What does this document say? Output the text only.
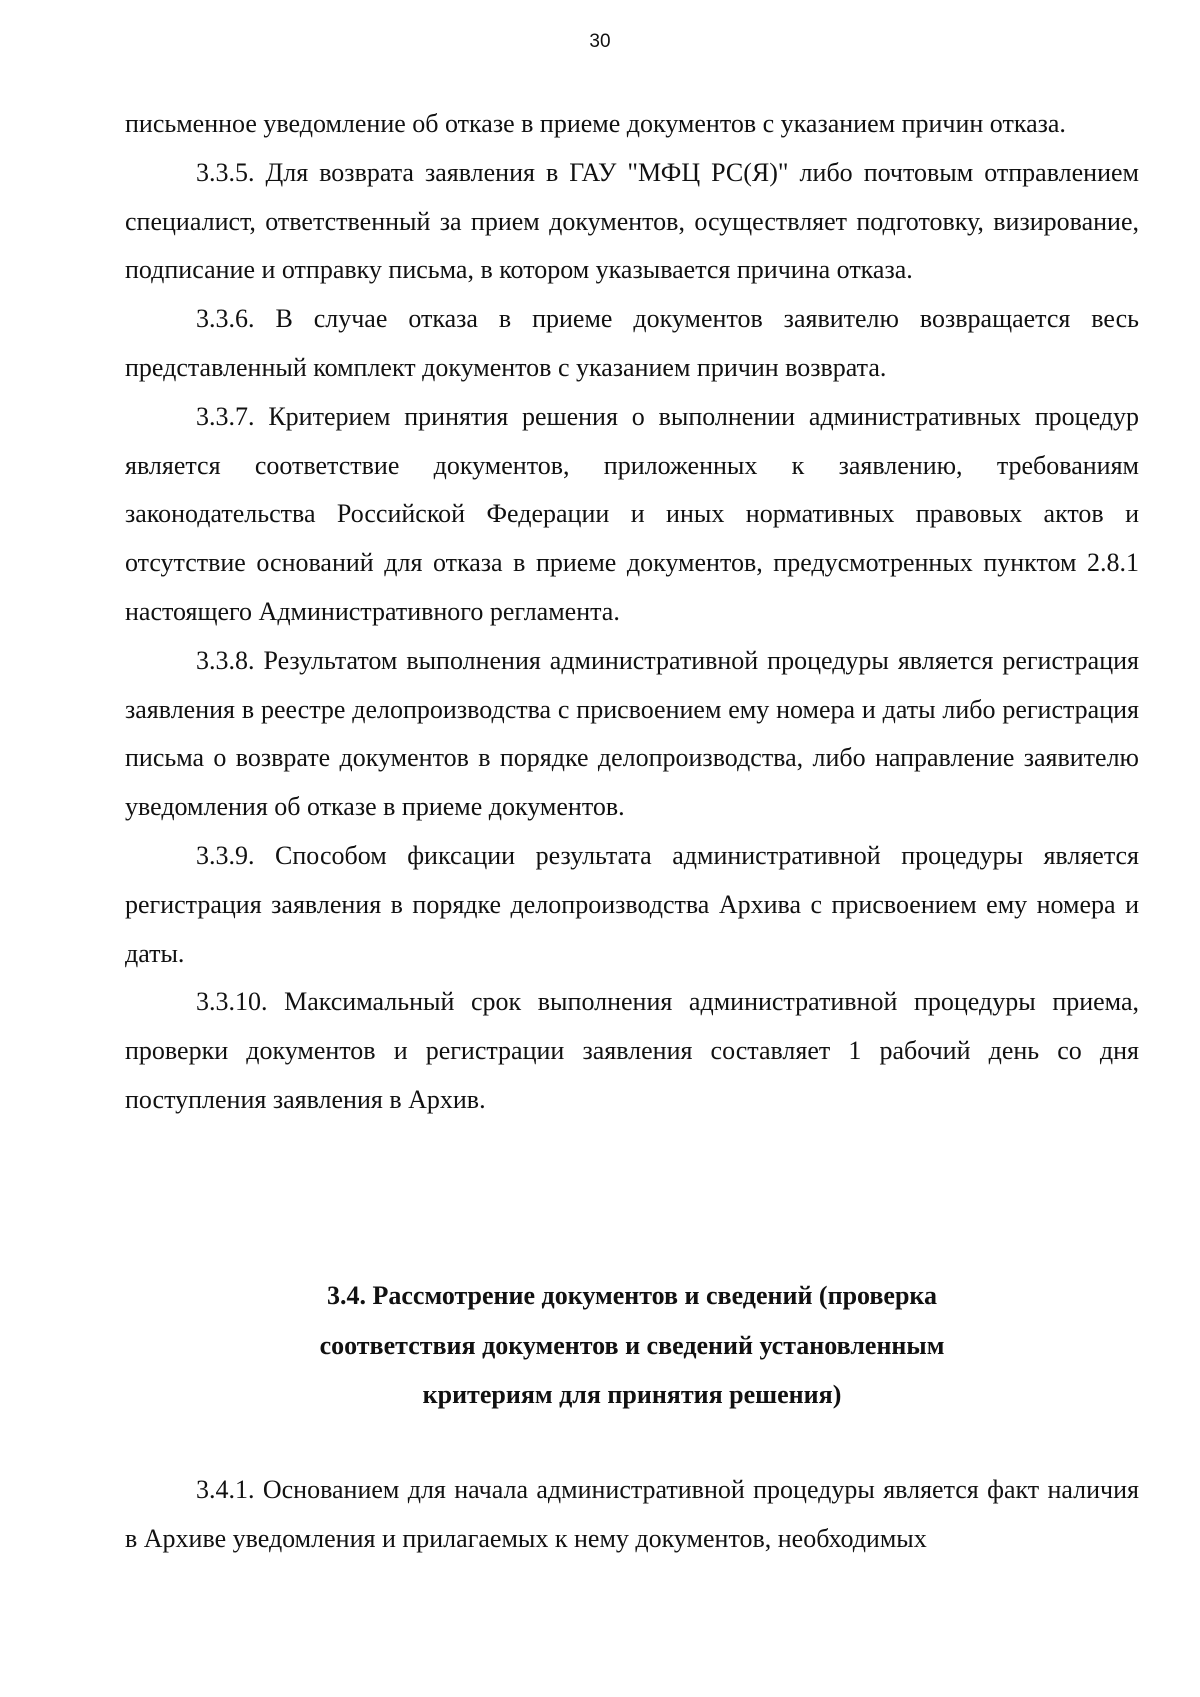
30

письменное уведомление об отказе в приеме документов с указанием причин отказа.

3.3.5. Для возврата заявления в ГАУ "МФЦ РС(Я)" либо почтовым отправлением специалист, ответственный за прием документов, осуществляет подготовку, визирование, подписание и отправку письма, в котором указывается причина отказа.

3.3.6. В случае отказа в приеме документов заявителю возвращается весь представленный комплект документов с указанием причин возврата.

3.3.7. Критерием принятия решения о выполнении административных процедур является соответствие документов, приложенных к заявлению, требованиям законодательства Российской Федерации и иных нормативных правовых актов и отсутствие оснований для отказа в приеме документов, предусмотренных пунктом 2.8.1 настоящего Административного регламента.

3.3.8. Результатом выполнения административной процедуры является регистрация заявления в реестре делопроизводства с присвоением ему номера и даты либо регистрация письма о возврате документов в порядке делопроизводства, либо направление заявителю уведомления об отказе в приеме документов.

3.3.9. Способом фиксации результата административной процедуры является регистрация заявления в порядке делопроизводства Архива с присвоением ему номера и даты.

3.3.10. Максимальный срок выполнения административной процедуры приема, проверки документов и регистрации заявления составляет 1 рабочий день со дня поступления заявления в Архив.

3.4. Рассмотрение документов и сведений (проверка
соответствия документов и сведений установленным
критериям для принятия решения)

3.4.1. Основанием для начала административной процедуры является факт наличия в Архиве уведомления и прилагаемых к нему документов, необходимых
